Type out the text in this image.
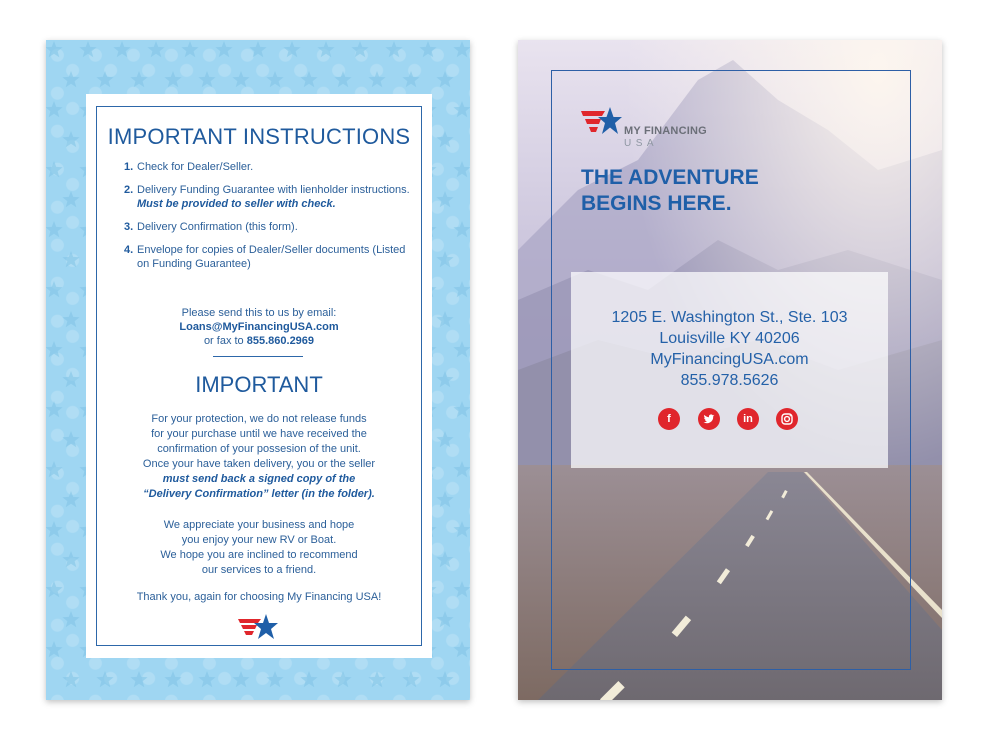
IMPORTANT INSTRUCTIONS
1. Check for Dealer/Seller.
2. Delivery Funding Guarantee with lienholder instructions. Must be provided to seller with check.
3. Delivery Confirmation (this form).
4. Envelope for copies of Dealer/Seller documents (Listed on Funding Guarantee)
Please send this to us by email:
Loans@MyFinancingUSA.com
or fax to 855.860.2969
IMPORTANT
For your protection, we do not release funds
for your purchase until we have received the
confirmation of your possesion of the unit.
Once your have taken delivery, you or the seller
must send back a signed copy of the
“Delivery Confirmation” letter (in the folder).
We appreciate your business and hope
you enjoy your new RV or Boat.
We hope you are inclined to recommend
our services to a friend.
Thank you, again for choosing My Financing USA!
MY FINANCING
USA
THE ADVENTURE
BEGINS HERE.
1205 E. Washington St., Ste. 103
Louisville KY 40206
MyFinancingUSA.com
855.978.5626
f	in
